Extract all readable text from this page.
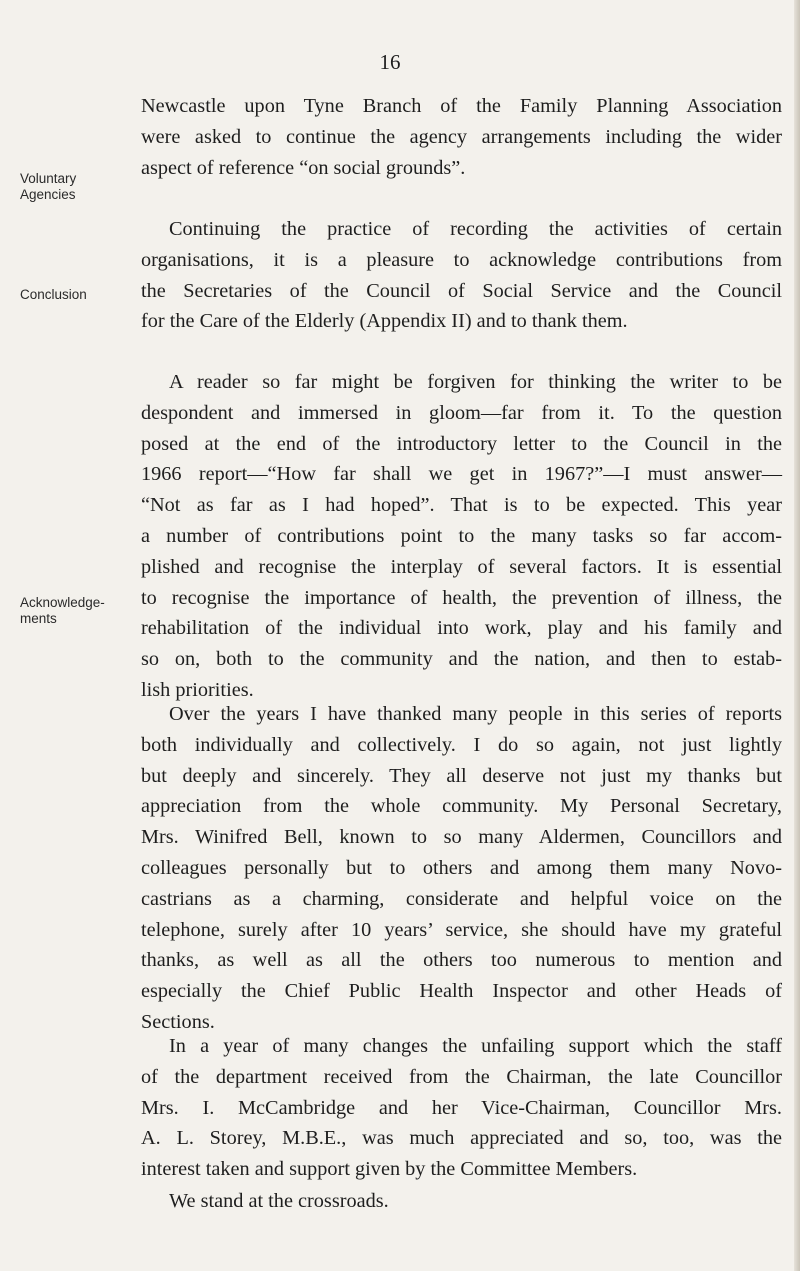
16
Voluntary
Agencies
Conclusion
Acknowledge-
ments

Newcastle upon Tyne Branch of the Family Planning Association
were asked to continue the agency arrangements including the wider
aspect of reference “on social grounds”.

Continuing the practice of recording the activities of certain
organisations, it is a pleasure to acknowledge contributions from
the Secretaries of the Council of Social Service and the Council
for the Care of the Elderly (Appendix II) and to thank them.

A reader so far might be forgiven for thinking the writer to be
despondent and immersed in gloom—far from it. To the question
posed at the end of the introductory letter to the Council in the
1966 report—“How far shall we get in 1967?”—I must answer—
“Not as far as I had hoped”. That is to be expected. This year
a number of contributions point to the many tasks so far accom-
plished and recognise the interplay of several factors. It is essential
to recognise the importance of health, the prevention of illness, the
rehabilitation of the individual into work, play and his family and
so on, both to the community and the nation, and then to estab-
lish priorities.

Over the years I have thanked many people in this series of reports
both individually and collectively. I do so again, not just lightly
but deeply and sincerely. They all deserve not just my thanks but
appreciation from the whole community. My Personal Secretary,
Mrs. Winifred Bell, known to so many Aldermen, Councillors and
colleagues personally but to others and among them many Novo-
castrians as a charming, considerate and helpful voice on the
telephone, surely after 10 years’ service, she should have my grateful
thanks, as well as all the others too numerous to mention and
especially the Chief Public Health Inspector and other Heads of
Sections.

In a year of many changes the unfailing support which the staff
of the department received from the Chairman, the late Councillor
Mrs. I. McCambridge and her Vice-Chairman, Councillor Mrs.
A. L. Storey, M.B.E., was much appreciated and so, too, was the
interest taken and support given by the Committee Members.

We stand at the crossroads.
